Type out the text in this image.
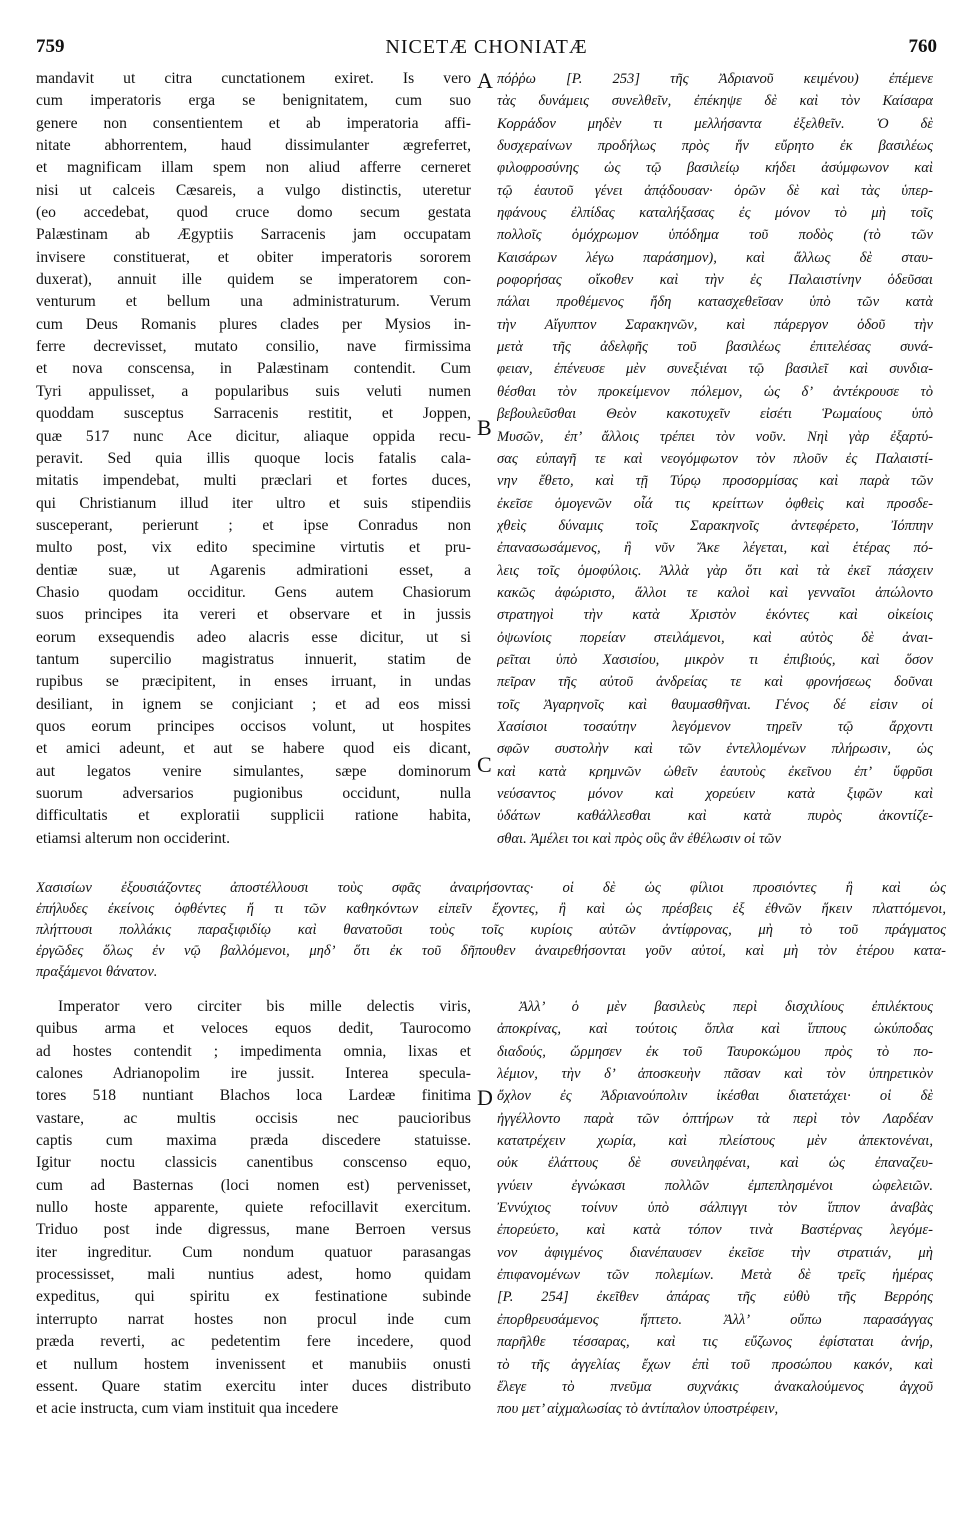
759	NICETÆ CHONIATÆ	760
mandavit ut citra cunctationem exiret. Is vero
cum imperatoris erga se benignitatem, cum suo
genere non consentientem et ab imperatoria affi-
nitate abhorrentem, haud dissimulanter ægreferret,
et magnificam illam spem non aliud afferre cerneret
nisi ut calceis Cæsareis, a vulgo distinctis, uteretur
(eo accedebat, quod cruce domo secum gestata
Palæstinam ab Ægyptiis Sarracenis jam occupatam
invisere constituerat, et obiter imperatoris sororem
duxerat), annuit ille quidem se imperatorem con-
venturum et bellum una administraturum. Verum
cum Deus Romanis plures clades per Mysios in-
ferre decrevisset, mutato consilio, nave firmissima
et nova conscensa, in Palæstinam contendit. Cum
Tyri appulisset, a popularibus suis veluti numen
quoddam susceptus Sarracenis restitit, et Joppen,
quæ 517 nunc Ace dicitur, aliaque oppida recu-
peravit. Sed quia illis quoque locis fatalis cala-
mitatis impendebat, multi præclari et fortes duces,
qui Christianum illud iter ultro et suis stipendiis
susceperant, perierunt ; et ipse Conradus non
multo post, vix edito specimine virtutis et pru-
dentiæ suæ, ut Agarenis admirationi esset, a
Chasio quodam occiditur. Gens autem Chasiorum
suos principes ita vereri et observare et in jussis
eorum exsequendis adeo alacris esse dicitur, ut si
tantum supercilio magistratus innuerit, statim de
rupibus se præcipitent, in enses irruant, in undas
desiliant, in ignem se conjiciant ; et ad eos missi
quos eorum principes occisos volunt, ut hospites
et amici adeunt, et aut se habere quod eis dicant,
aut legatos venire simulantes, sæpe dominorum
suorum adversarios pugionibus occidunt, nulla
difficultatis et exploratii supplicii ratione habita,
etiamsi alterum non occiderint.
πόῤῥω [P. 253] τῆς Ἀδριανοῦ κειμένου) ἐπέμενε
τὰς δυνάμεις συνελθεῖν, ἐπέκηψε δὲ καὶ τὸν Καίσαρα
Κορράδον μηδὲν τι μελλήσαντα ἐξελθεῖν. Ὁ δὲ
δυσχεραίνων προδήλως πρὸς ἥν εὔρητο ἐκ βασιλέως
φιλοφροσύνης ὡς τῷ βασιλείῳ κήδει ἀσύμφωνον καὶ
τῷ ἑαυτοῦ γένει ἀπᾴδουσαν· ὁρῶν δὲ καὶ τὰς ὑπερ-
ηφάνους ἐλπίδας καταλήξασας ἐς μόνον τὸ μὴ τοῖς
πολλοῖς ὁμόχρωμον ὑπόδημα τοῦ ποδὸς (τὸ τῶν
Καισάρων λέγω παράσημον), καὶ ἄλλως δὲ σταυ-
ροφορήσας οἴκοθεν καὶ τὴν ἐς Παλαιστίνην ὁδεῦσαι
πάλαι προθέμενος ἤδη κατασχεθεῖσαν ὑπὸ τῶν κατὰ
τὴν Αἴγυπτον Σαρακηνῶν, καὶ πάρεργον ὁδοῦ τὴν
μετὰ τῆς ἀδελφῆς τοῦ βασιλέως ἐπιτελέσας συνά-
φειαν, ἐπένευσε μὲν συνεξιέναι τῷ βασιλεῖ καὶ συνδια-
θέσθαι τὸν προκείμενον πόλεμον, ὡς δ’ ἀντέκρουσε τὸ
βεβουλεῦσθαι Θεὸν κακοτυχεῖν εἰσέτι Ῥωμαίους ὑπὸ
Μυσῶν, ἐπ’ ἄλλοις τρέπει τὸν νοῦν. Νηὶ γὰρ ἐξαρτύ-
σας εὐπαγῆ τε καὶ νεογόμφωτον τὸν πλοῦν ἐς Παλαιστί-
νην ἔθετο, καὶ τῇ Τύρῳ προσορμίσας καὶ παρὰ τῶν
ἐκεῖσε ὁμογενῶν οἷά τις κρείττων ὀφθεὶς καὶ προσδε-
χθεὶς δύναμις τοῖς Σαρακηνοῖς ἀντεφέρετο, Ἰόππην
ἐπανασωσάμενος, ἣ νῦν Ἄκε λέγεται, καὶ ἑτέρας πό-
λεις τοῖς ὁμοφύλοις. Ἀλλὰ γὰρ ὅτι καὶ τὰ ἐκεῖ πάσχειν
κακῶς ἀφώριστο, ἄλλοι τε καλοὶ καὶ γενναῖοι ἀπώλοντο
στρατηγοὶ τὴν κατὰ Χριστὸν ἑκόντες καὶ οἰκείοις
ὀψωνίοις πορείαν στειλάμενοι, καὶ αὐτὸς δὲ ἀναι-
ρεῖται ὑπὸ Χασισίου, μικρὸν τι ἐπιβιούς, καὶ ὅσον
πεῖραν τῆς αὐτοῦ ἀνδρείας τε καὶ φρονήσεως δοῦναι
τοῖς Ἀγαρηνοῖς καὶ θαυμασθῆναι. Γένος δέ εἰσιν οἱ
Χασίσιοι τοσαύτην λεγόμενον τηρεῖν τῷ ἄρχοντι
σφῶν συστολὴν καὶ τῶν ἐντελλομένων πλήρωσιν, ὡς
καὶ κατὰ κρημνῶν ὠθεῖν ἑαυτοὺς ἐκεῖνου ἐπ’ ὕφρῦσι
νεύσαντος μόνον καὶ χορεύειν κατὰ ξιφῶν καὶ
ὑδάτων καθάλλεσθαι καὶ κατὰ πυρὸς ἀκοντίζε-
σθαι. Ἀμέλει τοι καὶ πρὸς οὓς ἂν ἐθέλωσιν οἱ τῶν
A
B
C
D
Χασισίων ἐξουσιάζοντες ἀποστέλλουσι τοὺς σφᾶς ἀναιρήσοντας· οἱ δὲ ὡς φίλιοι προσιόντες ἢ καὶ ὡς
ἐπήλυδες ἐκείνοις ὀφθέντες ἤ τι τῶν καθηκόντων εἰπεῖν ἔχοντες, ἢ καὶ ὡς πρέσβεις ἐξ ἐθνῶν ἥκειν πλαττόμενοι,
πλήττουσι πολλάκις παραξιφιδίῳ καὶ θανατοῦσι τοὺς τοῖς κυρίοις αὐτῶν ἀντίφρονας, μὴ τὸ τοῦ πράγματος
ἐργῶδες ὅλως ἐν νῷ βαλλόμενοι, μηδ’ ὅτι ἐκ τοῦ δῆπουθεν ἀναιρεθήσονται γοῦν αὐτοί, καὶ μὴ τὸν ἑτέρου κατα-
πραξάμενοι θάνατον.
Imperator vero circiter bis mille delectis viris,
quibus arma et veloces equos dedit, Taurocomo
ad hostes contendit ; impedimenta omnia, lixas et
calones Adrianopolim ire jussit. Interea specula-
tores 518 nuntiant Blachos loca Lardeæ finitima
vastare, ac multis occisis nec paucioribus
captis cum maxima præda discedere statuisse.
Igitur noctu classicis canentibus conscenso equo,
cum ad Basternas (loci nomen est) pervenisset,
nullo hoste apparente, quiete refocillavit exercitum.
Triduo post inde digressus, mane Berroen versus
iter ingreditur. Cum nondum quatuor parasangas
processisset, mali nuntius adest, homo quidam
expeditus, qui spiritu ex festinatione subinde
interrupto narrat hostes non procul inde cum
præda reverti, ac pedetentim fere incedere, quod
et nullum hostem invenissent et manubiis onusti
essent. Quare statim exercitu inter duces distributo
et acie instructa, cum viam instituit qua incedere
Ἀλλ’ ὁ μὲν βασιλεὺς περὶ δισχιλίους ἐπιλέκτους
ἀποκρίνας, καὶ τούτοις ὅπλα καὶ ἵππους ὠκύποδας
διαδούς, ὥρμησεν ἐκ τοῦ Ταυροκώμου πρὸς τὸ πο-
λέμιον, τὴν δ’ ἀποσκευὴν πᾶσαν καὶ τὸν ὑπηρετικὸν
ὄχλον ἐς Ἀδριανούπολιν ἰκέσθαι διατετάχει· οἱ δὲ
ἠγγέλλοντο παρὰ τῶν ὀπτήρων τὰ περὶ τὸν Λαρδέαν
κατατρέχειν χωρία, καὶ πλείστους μὲν ἀπεκτονέναι,
οὐκ ἐλάττους δὲ συνειληφέναι, καὶ ὡς ἐπαναζευ-
γνύειν ἐγνώκασι πολλῶν ἐμπεπλησμένοι ὠφελειῶν.
Ἐννύχιος τοίνυν ὑπὸ σάλπιγγι τὸν ἵππον ἀναβὰς
ἐπορεύετο, καὶ κατὰ τόπον τινὰ Βαστέρνας λεγόμε-
νον ἀφιγμένος διανέπαυσεν ἐκεῖσε τὴν στρατιάν, μὴ
ἐπιφανομένων τῶν πολεμίων. Μετὰ δὲ τρεῖς ἡμέρας
[P. 254] ἐκεῖθεν ἀπάρας τῆς εὐθὺ τῆς Βερρόης
ἐπορθρευσάμενος ἥπτετο. Ἀλλ’ οὔπω παρασάγγας
παρῆλθε τέσσαρας, καὶ τις εὔζωνος ἐφίσταται ἀνήρ,
τὸ τῆς ἀγγελίας ἔχων ἐπὶ τοῦ προσώπου κακόν, καὶ
ἔλεγε τὸ πνεῦμα συχνάκις ἀνακαλούμενος ἀγχοῦ
που μετ’ αἰχμαλωσίας τὸ ἀντίπαλον ὑποστρέφειν,
